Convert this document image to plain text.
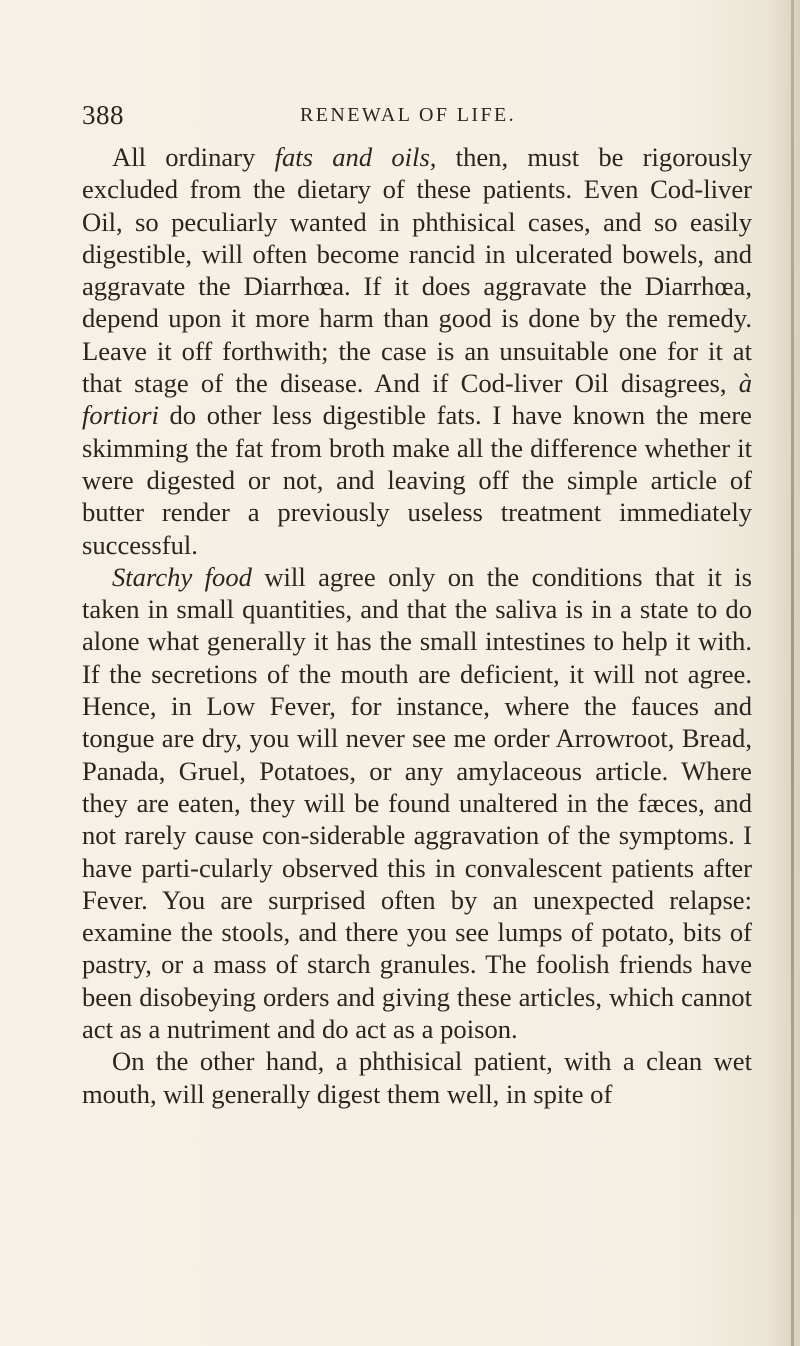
388	RENEWAL OF LIFE.

All ordinary fats and oils, then, must be rigorously excluded from the dietary of these patients. Even Cod-liver Oil, so peculiarly wanted in phthisical cases, and so easily digestible, will often become rancid in ulcerated bowels, and aggravate the Diarrhœa. If it does aggravate the Diarrhœa, depend upon it more harm than good is done by the remedy. Leave it off forthwith; the case is an unsuitable one for it at that stage of the disease. And if Cod-liver Oil disagrees, à fortiori do other less digestible fats. I have known the mere skimming the fat from broth make all the difference whether it were digested or not, and leaving off the simple article of butter render a previously useless treatment immediately successful.

Starchy food will agree only on the conditions that it is taken in small quantities, and that the saliva is in a state to do alone what generally it has the small intestines to help it with. If the secretions of the mouth are deficient, it will not agree. Hence, in Low Fever, for instance, where the fauces and tongue are dry, you will never see me order Arrowroot, Bread, Panada, Gruel, Potatoes, or any amylaceous article. Where they are eaten, they will be found unaltered in the fæces, and not rarely cause con-siderable aggravation of the symptoms. I have parti-cularly observed this in convalescent patients after Fever. You are surprised often by an unexpected relapse: examine the stools, and there you see lumps of potato, bits of pastry, or a mass of starch granules. The foolish friends have been disobeying orders and giving these articles, which cannot act as a nutriment and do act as a poison.

On the other hand, a phthisical patient, with a clean wet mouth, will generally digest them well, in spite of
